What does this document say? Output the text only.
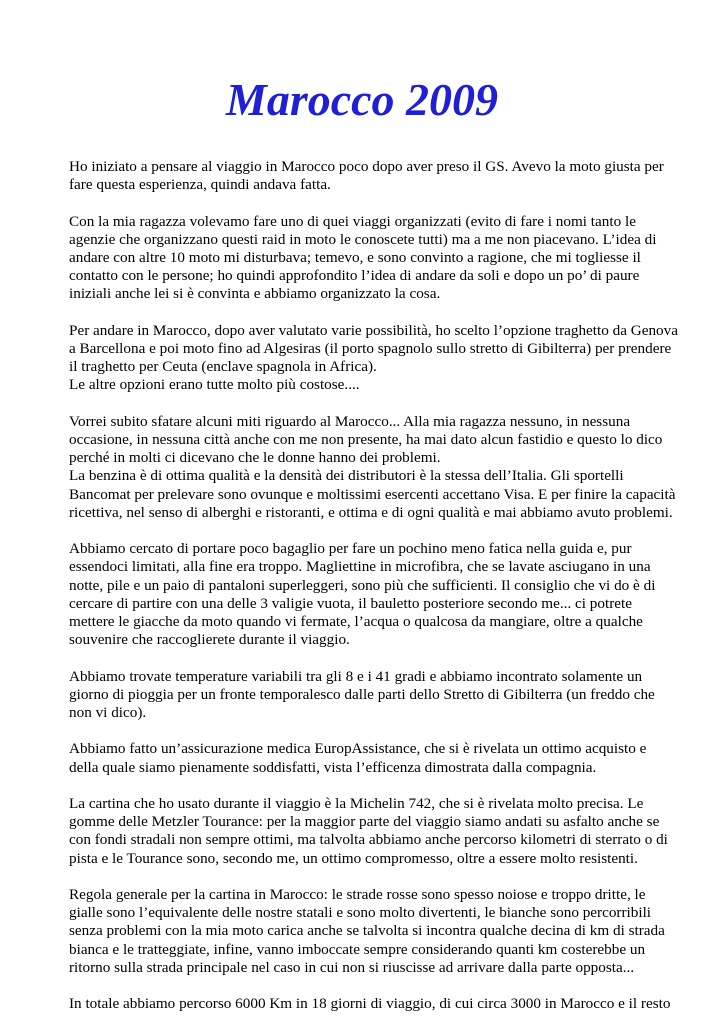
Marocco 2009

Ho iniziato a pensare al viaggio in Marocco poco dopo aver preso il GS. Avevo la moto giusta per
fare questa esperienza, quindi andava fatta.

Con la mia ragazza volevamo fare uno di quei viaggi organizzati (evito di fare i nomi tanto le
agenzie che organizzano questi raid in moto le conoscete tutti) ma a me non piacevano. L’idea di
andare con altre 10 moto mi disturbava; temevo, e sono convinto a ragione, che mi togliesse il
contatto con le persone; ho quindi approfondito l’idea di andare da soli e dopo un po’ di paure
iniziali anche lei si è convinta e abbiamo organizzato la cosa.

Per andare in Marocco, dopo aver valutato varie possibilità, ho scelto l’opzione traghetto da Genova
a Barcellona e poi moto fino ad Algesiras (il porto spagnolo sullo stretto di Gibilterra) per prendere
il traghetto per Ceuta (enclave spagnola in Africa).
Le altre opzioni erano tutte molto più costose....

Vorrei subito sfatare alcuni miti riguardo al Marocco... Alla mia ragazza nessuno, in nessuna
occasione, in nessuna città anche con me non presente, ha mai dato alcun fastidio e questo lo dico
perché in molti ci dicevano che le donne hanno dei problemi.
La benzina è di ottima qualità e la densità dei distributori è la stessa dell’Italia. Gli sportelli
Bancomat per prelevare sono ovunque e moltissimi esercenti accettano Visa. E per finire la capacità
ricettiva, nel senso di alberghi e ristoranti, e ottima e di ogni qualità e mai abbiamo avuto problemi.

Abbiamo cercato di portare poco bagaglio per fare un pochino meno fatica nella guida e, pur
essendoci limitati, alla fine era troppo. Magliettine in microfibra, che se lavate asciugano in una
notte, pile e un paio di pantaloni superleggeri, sono più che sufficienti. Il consiglio che vi do è di
cercare di partire con una delle 3 valigie vuota, il bauletto posteriore secondo me... ci potrete
mettere le giacche da moto quando vi fermate, l’acqua o qualcosa da mangiare, oltre a qualche
souvenire che raccoglierete durante il viaggio.

Abbiamo trovate temperature variabili tra gli 8 e i 41 gradi e abbiamo incontrato solamente un
giorno di pioggia per un fronte temporalesco dalle parti dello Stretto di Gibilterra (un freddo che
non vi dico).

Abbiamo fatto un’assicurazione medica EuropAssistance, che si è rivelata un ottimo acquisto e
della quale siamo pienamente soddisfatti, vista l’efficenza dimostrata dalla compagnia.

La cartina che ho usato durante il viaggio è la Michelin 742, che si è rivelata molto precisa. Le
gomme delle Metzler Tourance: per la maggior parte del viaggio siamo andati su asfalto anche se
con fondi stradali non sempre ottimi, ma talvolta abbiamo anche percorso kilometri di sterrato o di
pista e le Tourance sono, secondo me, un ottimo compromesso, oltre a essere molto resistenti.

Regola generale per la cartina in Marocco: le strade rosse sono spesso noiose e troppo dritte, le
gialle sono l’equivalente delle nostre statali e sono molto divertenti, le bianche sono percorribili
senza problemi con la mia moto carica anche se talvolta si incontra qualche decina di km di strada
bianca e le tratteggiate, infine, vanno imboccate sempre considerando quanti km costerebbe un
ritorno sulla strada principale nel caso in cui non si riuscisse ad arrivare dalla parte opposta...

In totale abbiamo percorso 6000 Km in 18 giorni di viaggio, di cui circa 3000 in Marocco e il resto
